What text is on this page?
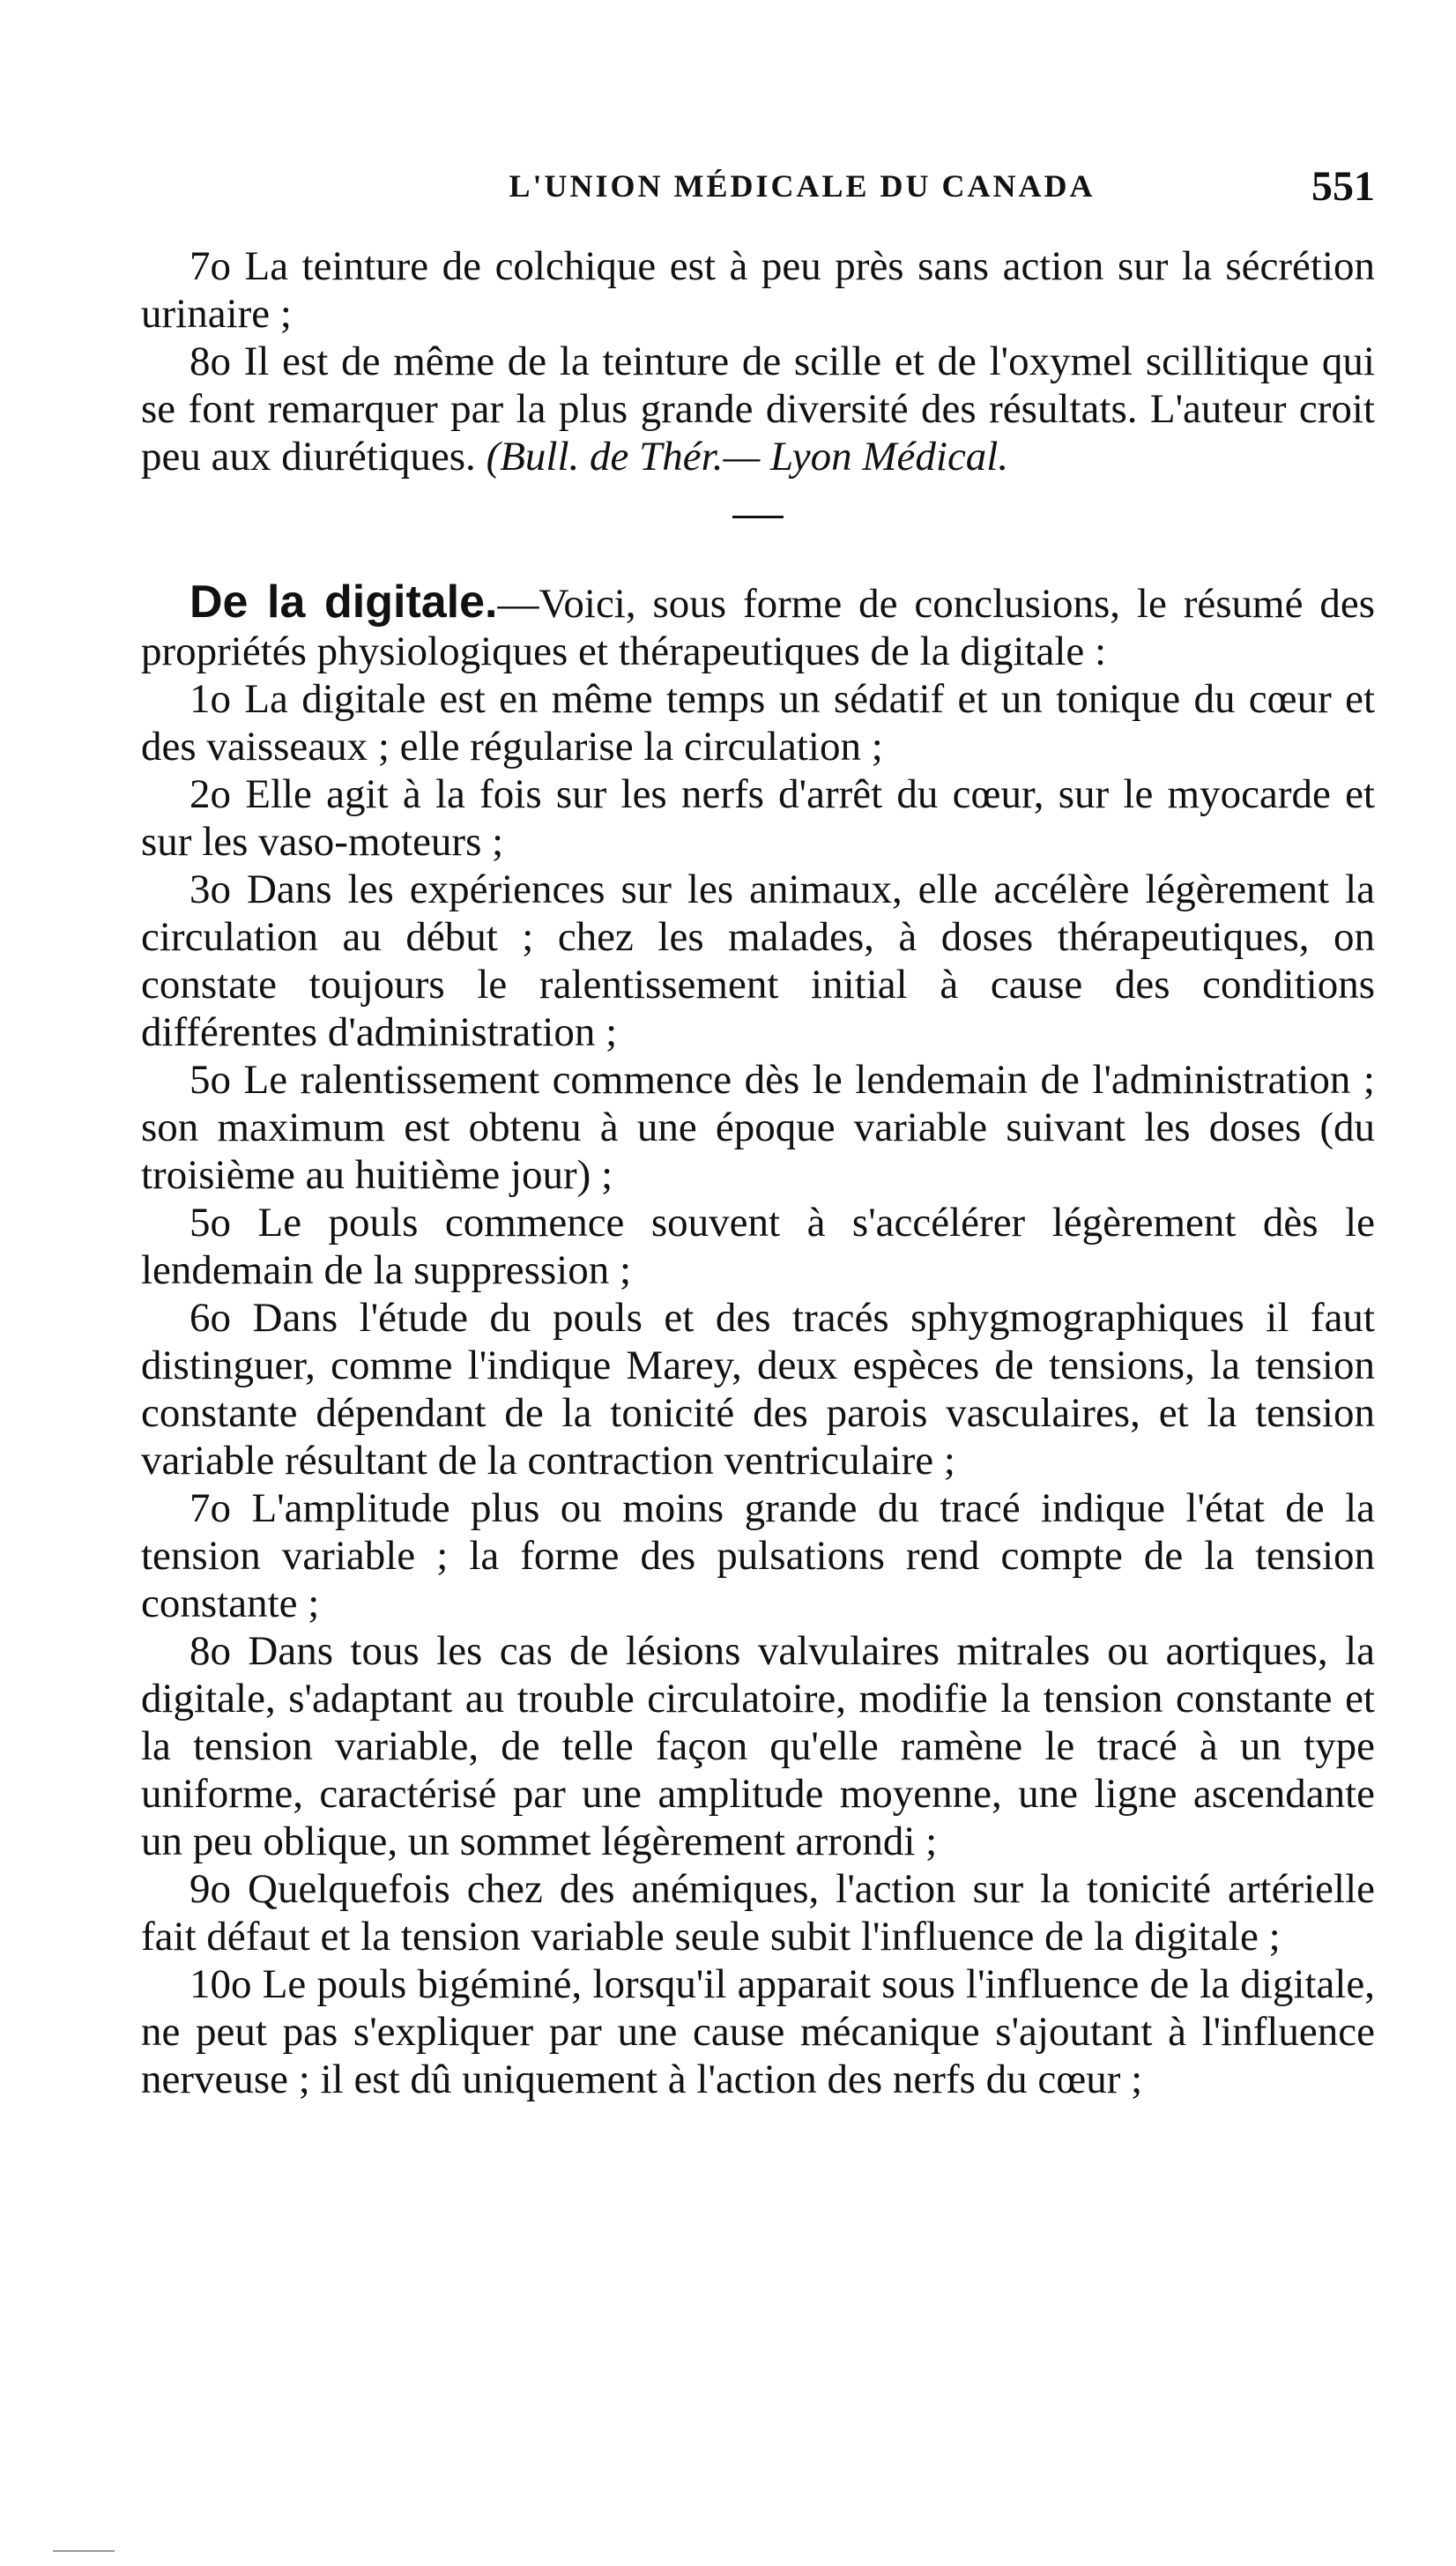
L'UNION MÉDICALE DU CANADA	551

7o La teinture de colchique est à peu près sans action sur la sécrétion urinaire ;

8o Il est de même de la teinture de scille et de l'oxymel scillitique qui se font remarquer par la plus grande diversité des résultats. L'auteur croit peu aux diurétiques. (Bull. de Thér.— Lyon Médical.

De la digitale.—Voici, sous forme de conclusions, le résumé des propriétés physiologiques et thérapeutiques de la digitale :

1o La digitale est en même temps un sédatif et un tonique du cœur et des vaisseaux ; elle régularise la circulation ;

2o Elle agit à la fois sur les nerfs d'arrêt du cœur, sur le myocarde et sur les vaso-moteurs ;

3o Dans les expériences sur les animaux, elle accélère légèrement la circulation au début ; chez les malades, à doses thérapeutiques, on constate toujours le ralentissement initial à cause des conditions différentes d'administration ;

5o Le ralentissement commence dès le lendemain de l'administration ; son maximum est obtenu à une époque variable suivant les doses (du troisième au huitième jour) ;

5o Le pouls commence souvent à s'accélérer légèrement dès le lendemain de la suppression ;

6o Dans l'étude du pouls et des tracés sphygmographiques il faut distinguer, comme l'indique Marey, deux espèces de tensions, la tension constante dépendant de la tonicité des parois vasculaires, et la tension variable résultant de la contraction ventriculaire ;

7o L'amplitude plus ou moins grande du tracé indique l'état de la tension variable ; la forme des pulsations rend compte de la tension constante ;

8o Dans tous les cas de lésions valvulaires mitrales ou aortiques, la digitale, s'adaptant au trouble circulatoire, modifie la tension constante et la tension variable, de telle façon qu'elle ramène le tracé à un type uniforme, caractérisé par une amplitude moyenne, une ligne ascendante un peu oblique, un sommet légèrement arrondi ;

9o Quelquefois chez des anémiques, l'action sur la tonicité artérielle fait défaut et la tension variable seule subit l'influence de la digitale ;

10o Le pouls bigéminé, lorsqu'il apparait sous l'influence de la digitale, ne peut pas s'expliquer par une cause mécanique s'ajoutant à l'influence nerveuse ; il est dû uniquement à l'action des nerfs du cœur ;
